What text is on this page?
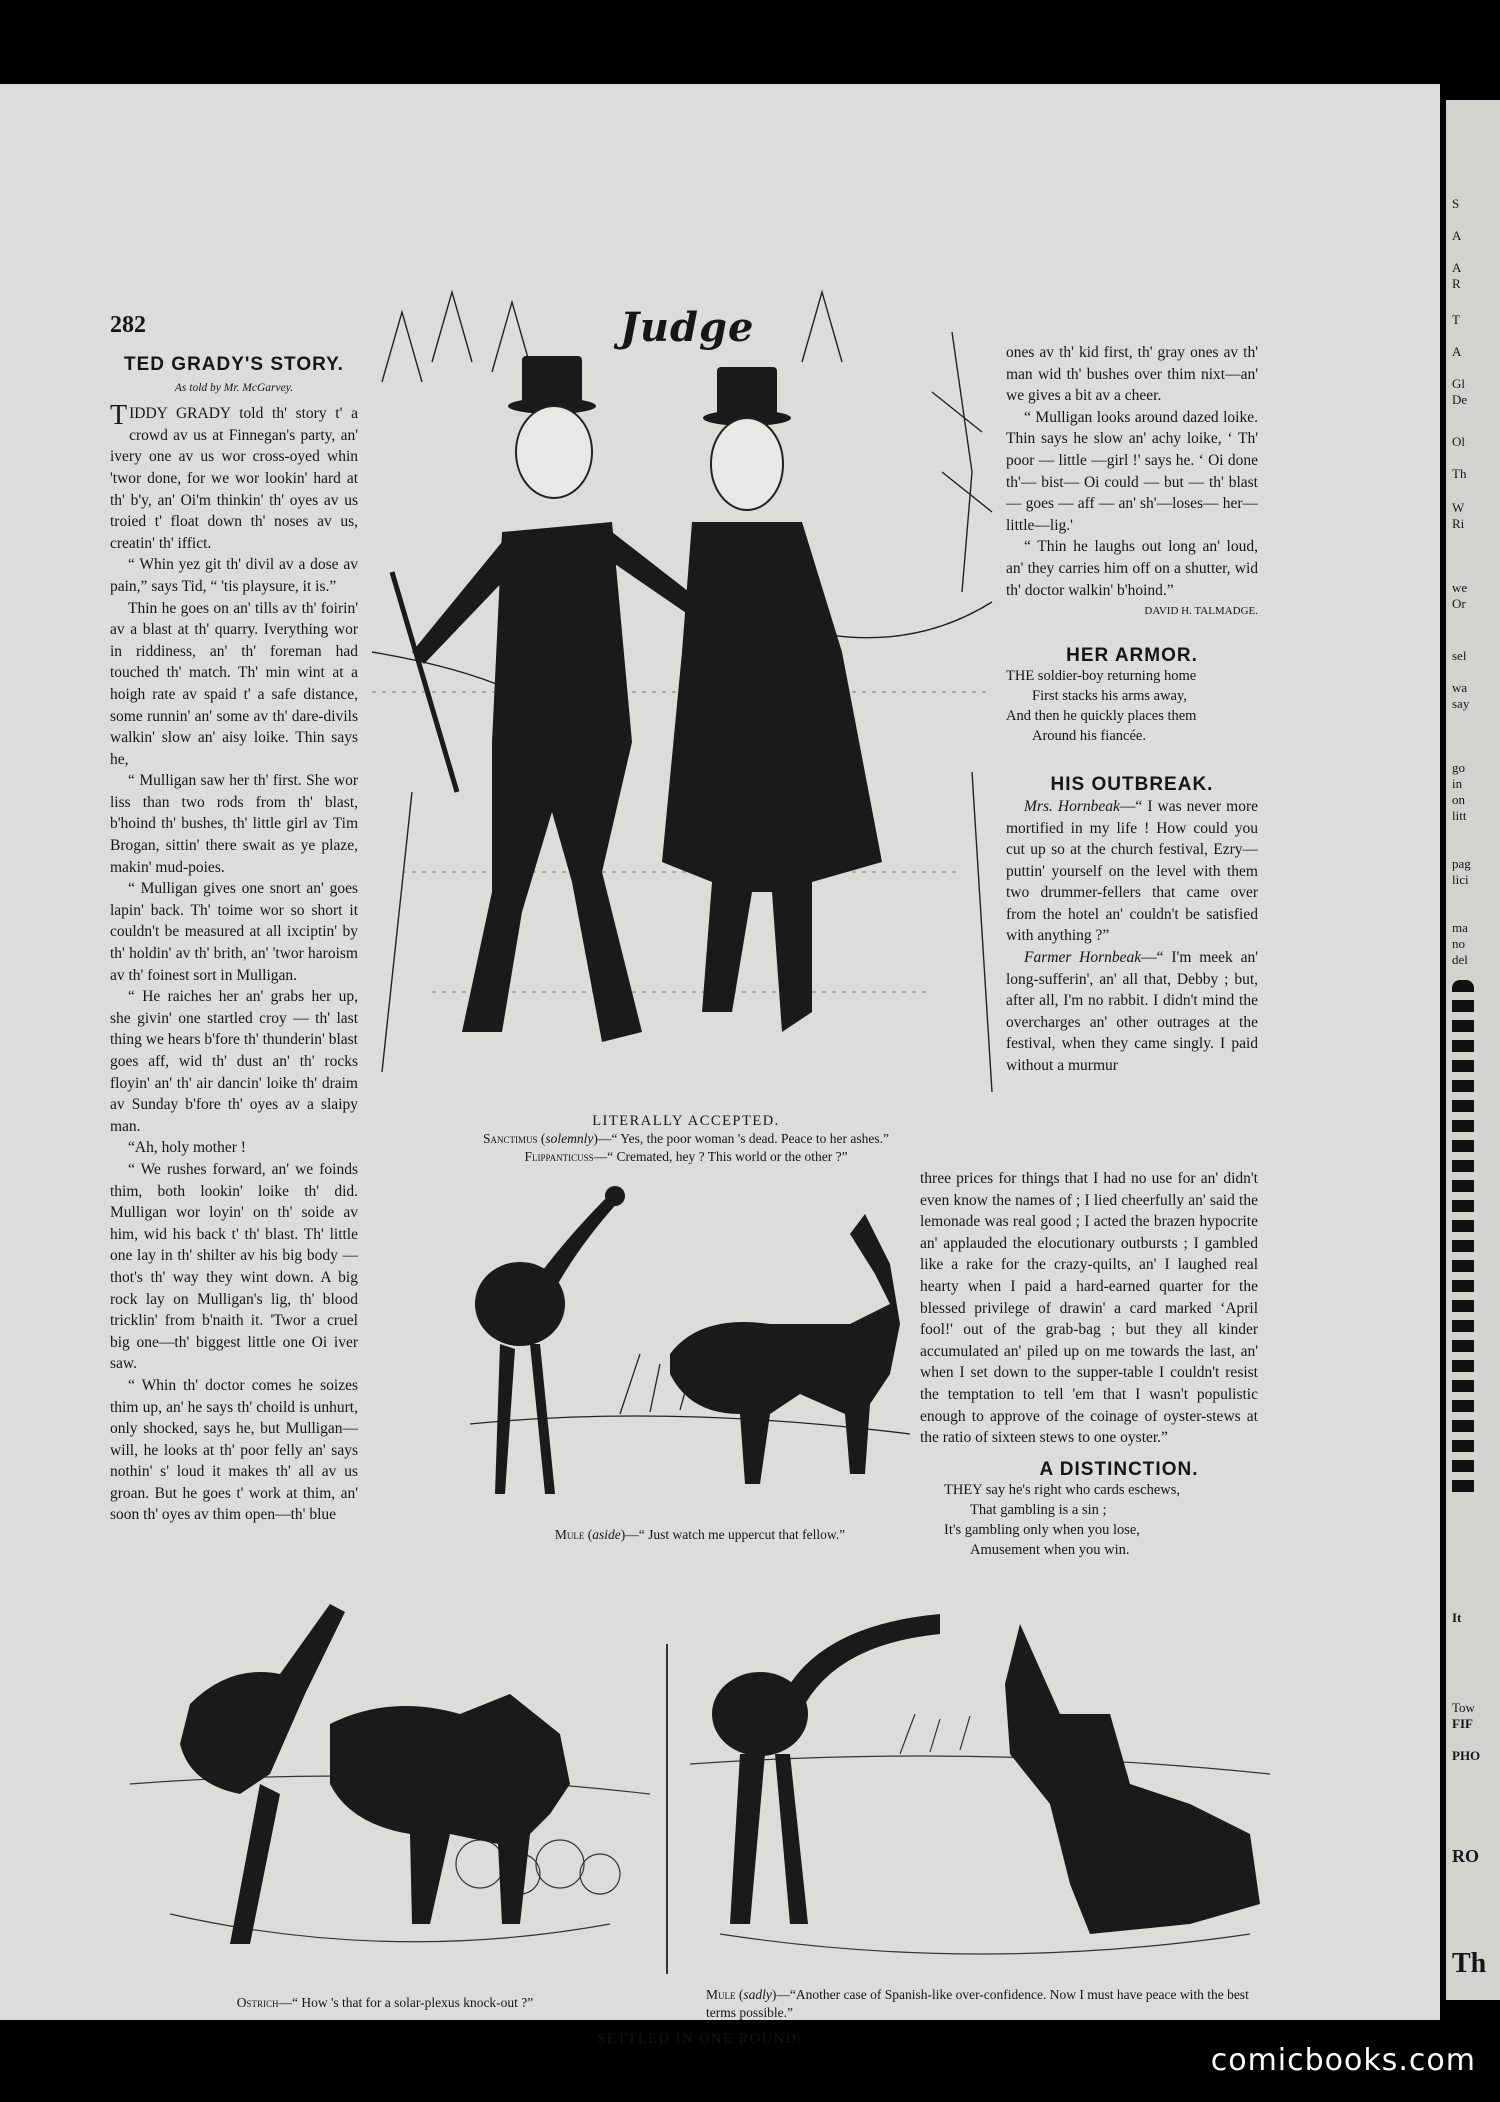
282	Judge
TED GRADY'S STORY.
As told by Mr. McGarvey.

TIDDY GRADY told th' story t' a crowd av us at Finnegan's party, an' ivery one av us wor cross-oyed whin 'twor done, for we wor lookin' hard at th' b'y, an' Oi'm thinkin' th' oyes av us troied t' float down th' noses av us, creatin' th' iffict.

“ Whin yez git th' divil av a dose av pain,” says Tid, “ 'tis playsure, it is.”

Thin he goes on an' tills av th' foirin' av a blast at th' quarry. Iverything wor in riddiness, an' th' foreman had touched th' match. Th' min wint at a hoigh rate av spaid t' a safe distance, some runnin' an' some av th' dare-divils walkin' slow an' aisy loike. Thin says he,

“ Mulligan saw her th' first. She wor liss than two rods from th' blast, b'hoind th' bushes, th' little girl av Tim Brogan, sittin' there swait as ye plaze, makin' mud-poies.

“ Mulligan gives one snort an' goes lapin' back. Th' toime wor so short it couldn't be measured at all ixciptin' by th' holdin' av th' brith, an' 'twor haroism av th' foinest sort in Mulligan.

“ He raiches her an' grabs her up, she givin' one startled croy — th' last thing we hears b'fore th' thunderin' blast goes aff, wid th' dust an' th' rocks floyin' an' th' air dancin' loike th' draim av Sunday b'fore th' oyes av a slaipy man.

“Ah, holy mother !

“ We rushes forward, an' we foinds thim, both lookin' loike th' did. Mulligan wor loyin' on th' soide av him, wid his back t' th' blast. Th' little one lay in th' shilter av his big body —thot's th' way they wint down. A big rock lay on Mulligan's lig, th' blood tricklin' from b'naith it. 'Twor a cruel big one—th' biggest little one Oi iver saw.

“ Whin th' doctor comes he soizes thim up, an' he says th' choild is unhurt, only shocked, says he, but Mulligan—will, he looks at th' poor felly an' says nothin' s' loud it makes th' all av us groan. But he goes t' work at thim, an' soon th' oyes av thim open—th' blue

ones av th' kid first, th' gray ones av th' man wid th' bushes over thim nixt—an' we gives a bit av a cheer.

“ Mulligan looks around dazed loike. Thin says he slow an' achy loike, ‘ Th' poor — little —girl !' says he. ‘ Oi done th'— bist— Oi could — but — th' blast — goes — aff — an' sh'—loses— her—little—lig.'

“ Thin he laughs out long an' loud, an' they carries him off on a shutter, wid th' doctor walkin' b'hoind.”

DAVID H. TALMADGE.
HER ARMOR.
THE soldier-boy returning home
First stacks his arms away,
And then he quickly places them
Around his fiancée.
HIS OUTBREAK.

Mrs. Hornbeak—“ I was never more mortified in my life ! How could you cut up so at the church festival, Ezry— puttin' yourself on the level with them two drummer-fellers that came over from the hotel an' couldn't be satisfied with anything ?”

Farmer Hornbeak—“ I'm meek an' long-sufferin', an' all that, Debby ; but, after all, I'm no rabbit. I didn't mind the overcharges an' other outrages at the festival, when they came singly. I paid without a murmur

three prices for things that I had no use for an' didn't even know the names of ; I lied cheerfully an' said the lemonade was real good ; I acted the brazen hypocrite an' applauded the elocutionary outbursts ; I gambled like a rake for the crazy-quilts, an' I laughed real hearty when I paid a hard-earned quarter for the blessed privilege of drawin' a card marked ‘April fool!' out of the grab-bag ; but they all kinder accumulated an' piled up on me towards the last, an' when I set down to the supper-table I couldn't resist the temptation to tell 'em that I wasn't populistic enough to approve of the coinage of oyster-stews at the ratio of sixteen stews to one oyster.”

A DISTINCTION.
THEY say he's right who cards eschews,
That gambling is a sin ;
It's gambling only when you lose,
Amusement when you win.
LITERALLY ACCEPTED.
Sanctimus (solemnly)—“ Yes, the poor woman 's dead. Peace to her ashes.”
Flippanticuss—“ Cremated, hey ? This world or the other ?”
Mule (aside)—“ Just watch me uppercut that fellow.”
Ostrich—“ How 's that for a solar-plexus knock-out ?”
Mule (sadly)—“Another case of Spanish-like over-confidence. Now I must have peace with the best terms possible.”
SETTLED IN ONE ROUND.
S
A
A
R
T
A
Gl
De
Ol
Th
W
Ri
we
Or
sel
wa
say
go
in
on
litt
pag
lici
ma
no
del
It
Tow
FIF
PHO
RO
Th
comicbooks.com
